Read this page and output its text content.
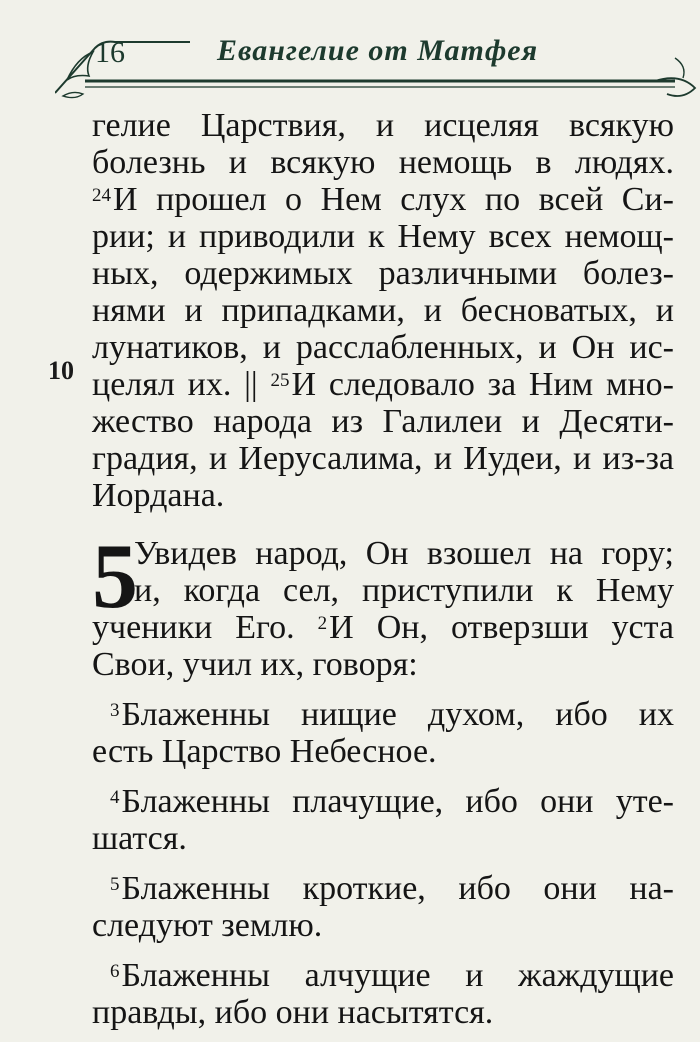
16	Евангелие от Матфея
10
5
гелие Царствия, и исцеляя всякую
болезнь и всякую немощь в людях.
$^{24}$И прошел о Нем слух по всей Си-
рии; и приводили к Нему всех немощ-
ных, одержимых различными болез-
нями и припадками, и бесноватых, и
лунатиков, и расслабленных, и Он ис-
целял их. || $^{25}$И следовало за Ним мно-
жество народа из Галилеи и Десяти-
градия, и Иерусалима, и Иудеи, и из-за
Иордана.
Увидев народ, Он взошел на гору;
и, когда сел, приступили к Нему
ученики Его. $^2$И Он, отверзши уста
Свои, учил их, говоря:
$^3$Блаженны нищие духом, ибо их
есть Царство Небесное.
$^4$Блаженны плачущие, ибо они уте-
шатся.
$^5$Блаженны кроткие, ибо они на-
следуют землю.
$^6$Блаженны алчущие и жаждущие
правды, ибо они насытятся.
